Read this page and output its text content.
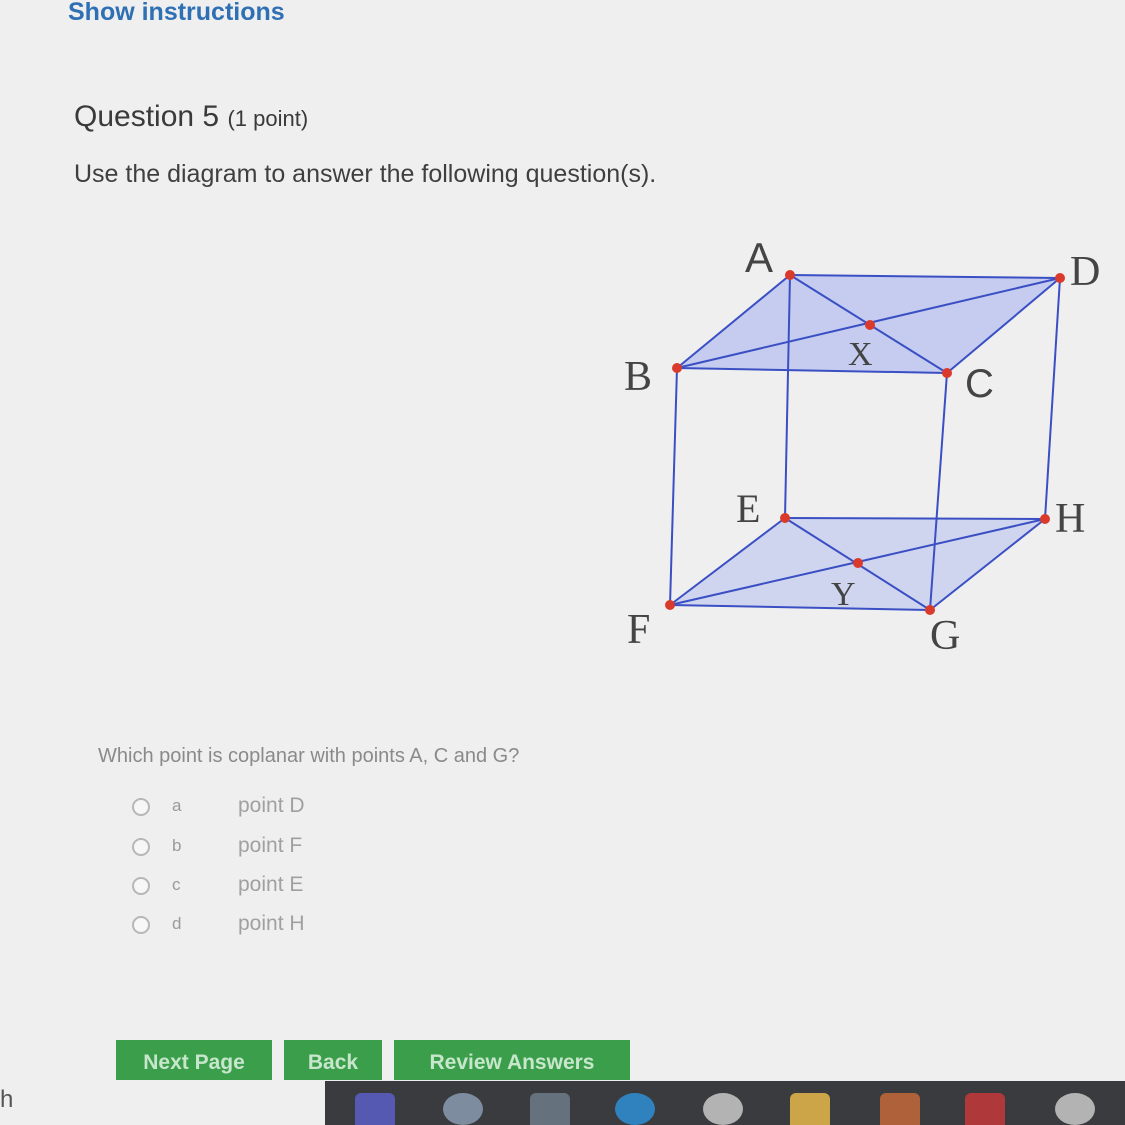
Show instructions
Question 5 (1 point)
Use the diagram to answer the following question(s).
A	D
B	C
X
E	H
Y
F	G
Which point is coplanar with points A, C and G?
a	point D
b	point F
c	point E
d	point H
Next Page	Back	Review Answers
h
